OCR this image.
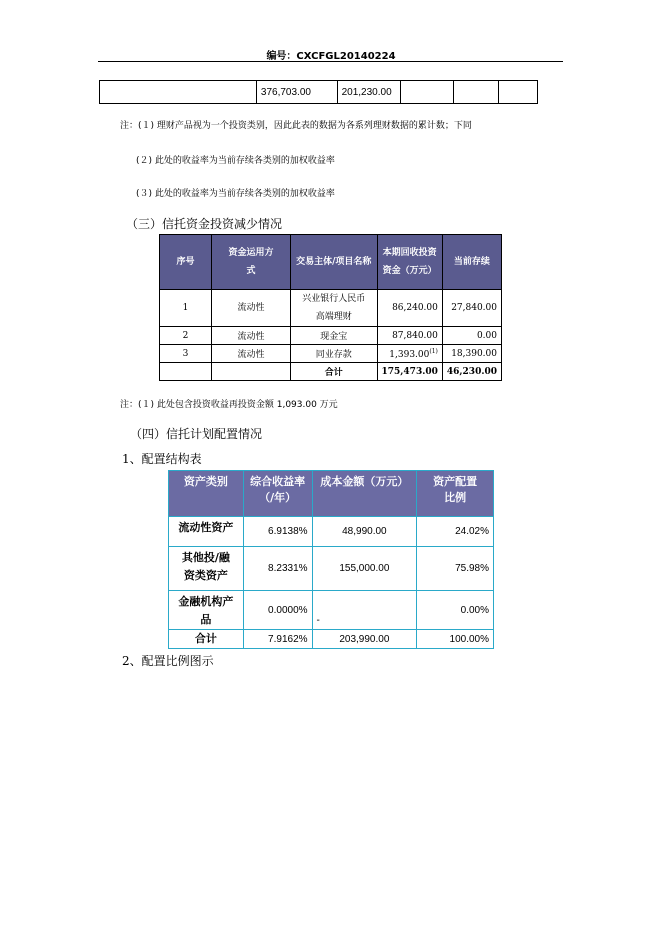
编号：CXCFGL20140224
	376,703.00	201,230.00			
注：(１) 理财产品视为一个投资类别，因此此表的数据为各系列理财数据的累计数；下同
(２) 此处的收益率为当前存续各类别的加权收益率
(３) 此处的收益率为当前存续各类别的加权收益率
（三）信托资金投资减少情况
序号	资金运用方式	交易主体/项目名称	本期回收投资资金（万元）	当前存续
1	流动性	兴业银行人民币高端理财	86,240.00	27,840.00
2	流动性	现金宝	87,840.00	0.00
3	流动性	同业存款	1,393.00$^{(1)}$	18,390.00
		合计	175,473.00	46,230.00
注：(１) 此处包含投资收益再投资金额 1,093.00 万元
（四）信托计划配置情况
1、配置结构表
资产类别	综合收益率（/年）	成本金额（万元）	资产配置比例
流动性资产	6.9138%	48,990.00	24.02%
其他投/融资类资产	8.2331%	155,000.00	75.98%
金融机构产品	0.0000%	-	0.00%
合计	7.9162%	203,990.00	100.00%
2、配置比例图示
